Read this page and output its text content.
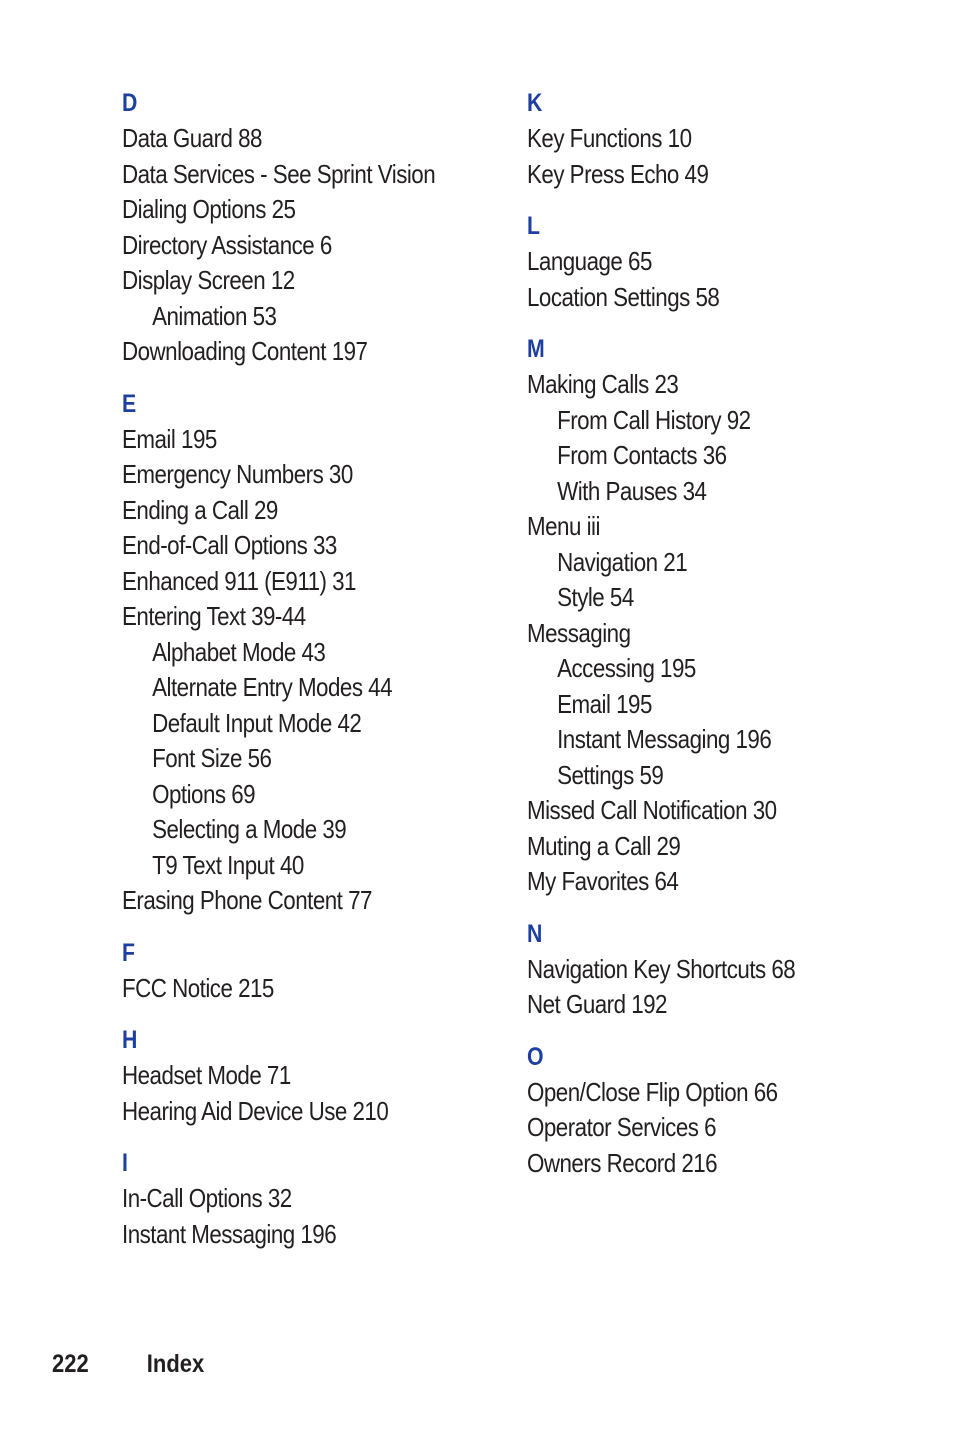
D
Data Guard 88
Data Services - See Sprint Vision
Dialing Options 25
Directory Assistance 6
Display Screen 12
Animation 53
Downloading Content 197
E
Email 195
Emergency Numbers 30
Ending a Call 29
End-of-Call Options 33
Enhanced 911 (E911) 31
Entering Text 39-44
Alphabet Mode 43
Alternate Entry Modes 44
Default Input Mode 42
Font Size 56
Options 69
Selecting a Mode 39
T9 Text Input 40
Erasing Phone Content 77
F
FCC Notice 215
H
Headset Mode 71
Hearing Aid Device Use 210
I
In-Call Options 32
Instant Messaging 196
K
Key Functions 10
Key Press Echo 49
L
Language 65
Location Settings 58
M
Making Calls 23
From Call History 92
From Contacts 36
With Pauses 34
Menu iii
Navigation 21
Style 54
Messaging
Accessing 195
Email 195
Instant Messaging 196
Settings 59
Missed Call Notification 30
Muting a Call 29
My Favorites 64
N
Navigation Key Shortcuts 68
Net Guard 192
O
Open/Close Flip Option 66
Operator Services 6
Owners Record 216
222 Index
